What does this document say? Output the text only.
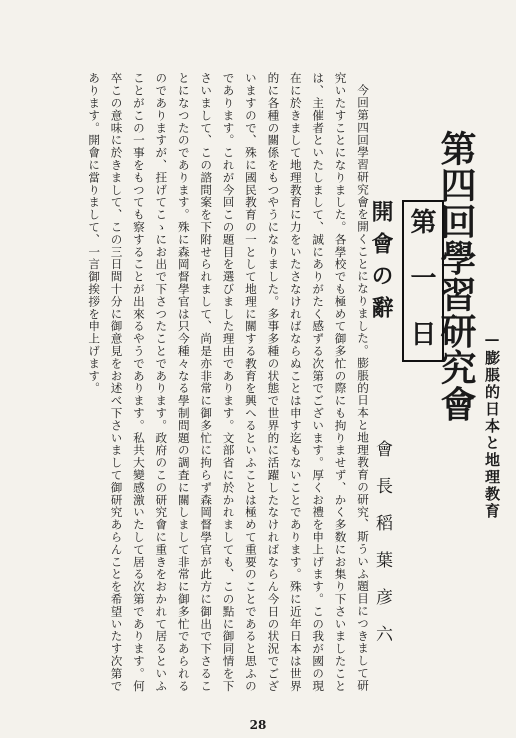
第四回學習研究會
—膨脹的日本と地理教育
第一日
開會の辭
會長稻葉彦六
今回第四回學習研究會を開くことになりました。膨脹的日本と地理教育の研究、斯ういふ題目につきまして研究いたすことになりました。各學校でも極めて御多忙の際にも拘りませず、かく多数にお集り下さいましたことは、主催者といたしまして、誠にありがたく感ずる次第でございます。厚くお禮を申上げます。この我が國の現在に於きまして地理教育に力をいたさなければならぬことは申す迄もないことであります。殊に近年日本は世界的に各種の關係をもつやうになりました。多事多種の状態で世界的に活躍したなければならん今日の状況でございますので、殊に國民教育の一として地理に關する教育を興へるといふことは極めて重要のことであると思ふのであります。これが今回この題目を選びました理由であります。文部省に於かれましても、この點に御同情を下さいまして、この諮問案を下附せられまして、尚是亦非常に御多忙に拘らず森岡督學官が此方に御出で下さることになつたのであります。殊に森岡督學官は只今種々なる學制問題の調査に關しまして非常に御多忙であられるのでありますが、抂げてこゝにお出で下さつたことであります。政府のこの研究會に重きをおかれて居るといふことがこの一事をもつても察することが出來るやうであります。私共大變感激いたして居る次第であります。何卒この意味に於きまして、この三日間十分に御意見をお述べ下さいまして御研究あらんことを希望いたす次第であります。開會に當りまして、一言御挨拶を申上げます。
28
